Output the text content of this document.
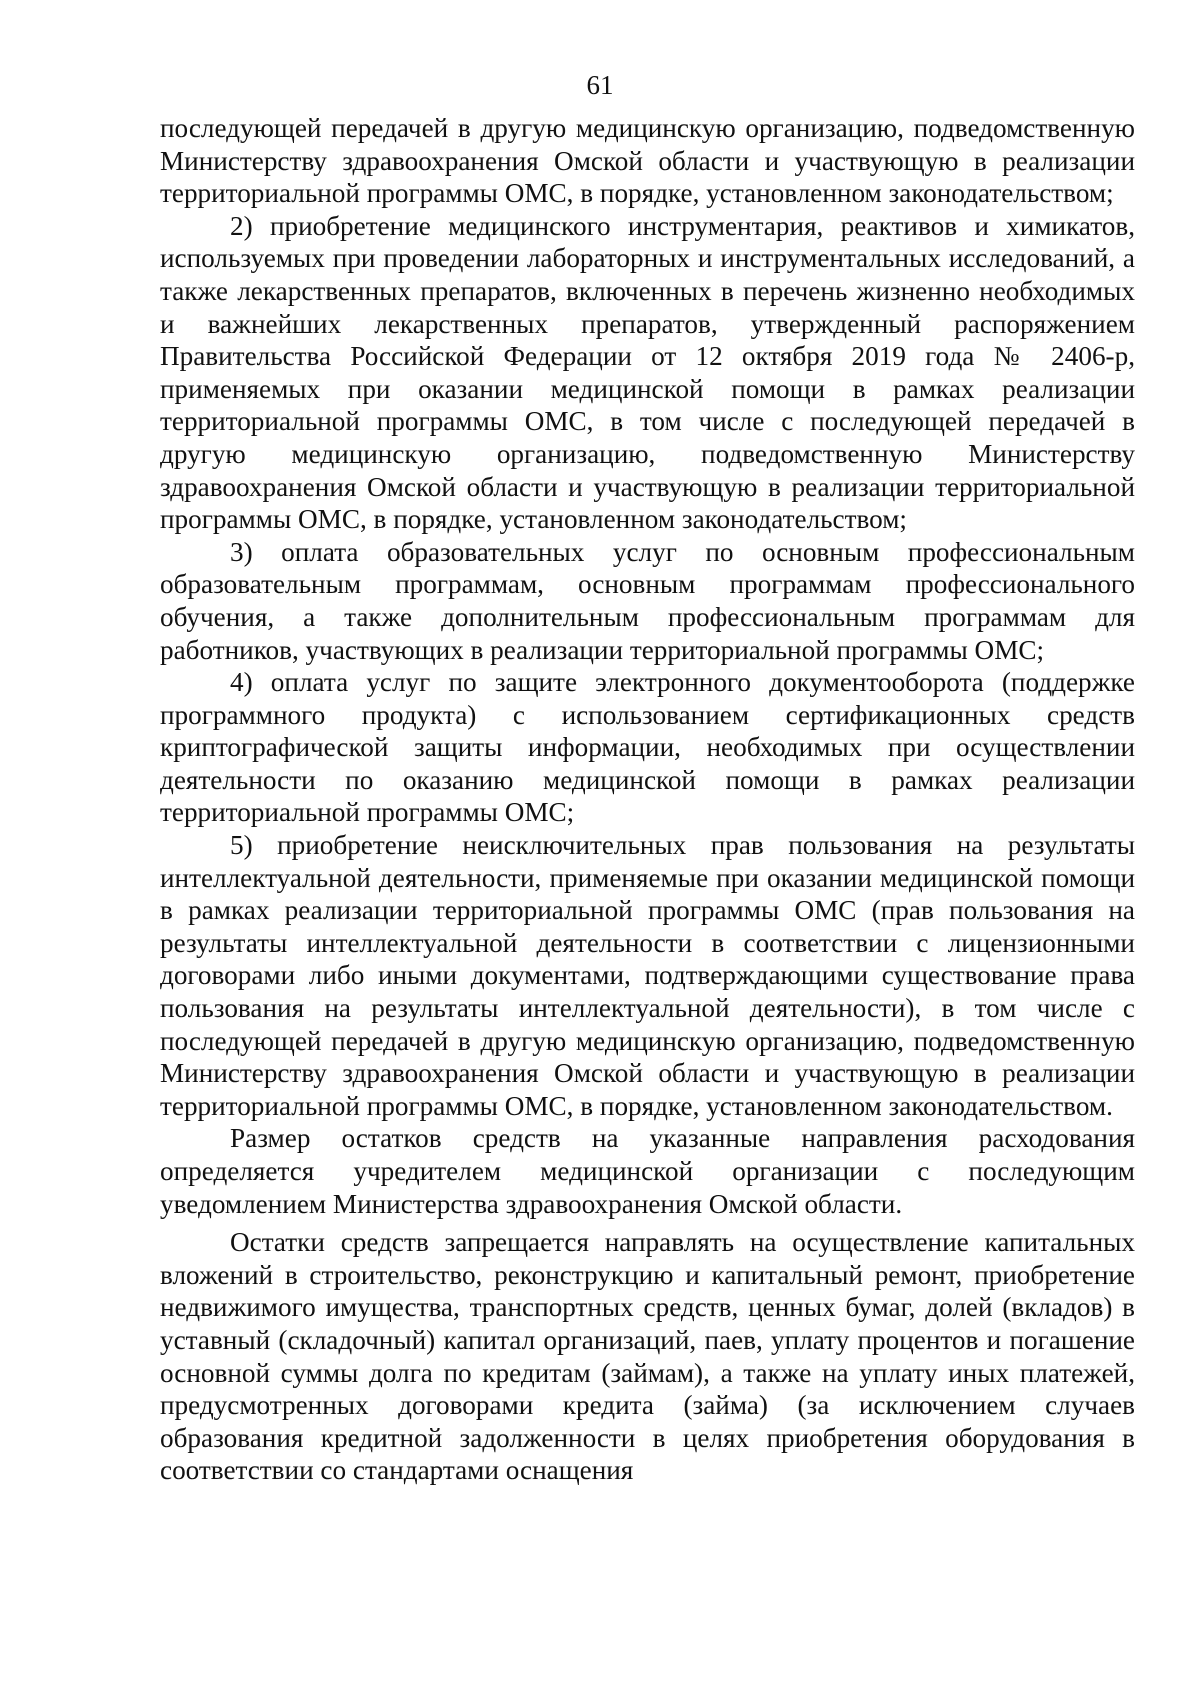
61

последующей передачей в другую медицинскую организацию, подведомственную Министерству здравоохранения Омской области и участвующую в реализации территориальной программы ОМС, в порядке, установленном законодательством;

2) приобретение медицинского инструментария, реактивов и химикатов, используемых при проведении лабораторных и инструментальных исследований, а также лекарственных препаратов, включенных в перечень жизненно необходимых и важнейших лекарственных препаратов, утвержденный распоряжением Правительства Российской Федерации от 12 октября 2019 года № 2406-р, применяемых при оказании медицинской помощи в рамках реализации территориальной программы ОМС, в том числе с последующей передачей в другую медицинскую организацию, подведомственную Министерству здравоохранения Омской области и участвующую в реализации территориальной программы ОМС, в порядке, установленном законодательством;

3) оплата образовательных услуг по основным профессиональным образовательным программам, основным программам профессионального обучения, а также дополнительным профессиональным программам для работников, участвующих в реализации территориальной программы ОМС;

4) оплата услуг по защите электронного документооборота (поддержке программного продукта) с использованием сертификационных средств криптографической защиты информации, необходимых при осуществлении деятельности по оказанию медицинской помощи в рамках реализации территориальной программы ОМС;

5) приобретение неисключительных прав пользования на результаты интеллектуальной деятельности, применяемые при оказании медицинской помощи в рамках реализации территориальной программы ОМС (прав пользования на результаты интеллектуальной деятельности в соответствии с лицензионными договорами либо иными документами, подтверждающими существование права пользования на результаты интеллектуальной деятельности), в том числе с последующей передачей в другую медицинскую организацию, подведомственную Министерству здравоохранения Омской области и участвующую в реализации территориальной программы ОМС, в порядке, установленном законодательством.

Размер остатков средств на указанные направления расходования определяется учредителем медицинской организации с последующим уведомлением Министерства здравоохранения Омской области.

Остатки средств запрещается направлять на осуществление капитальных вложений в строительство, реконструкцию и капитальный ремонт, приобретение недвижимого имущества, транспортных средств, ценных бумаг, долей (вкладов) в уставный (складочный) капитал организаций, паев, уплату процентов и погашение основной суммы долга по кредитам (займам), а также на уплату иных платежей, предусмотренных договорами кредита (займа) (за исключением случаев образования кредитной задолженности в целях приобретения оборудования в соответствии со стандартами оснащения
